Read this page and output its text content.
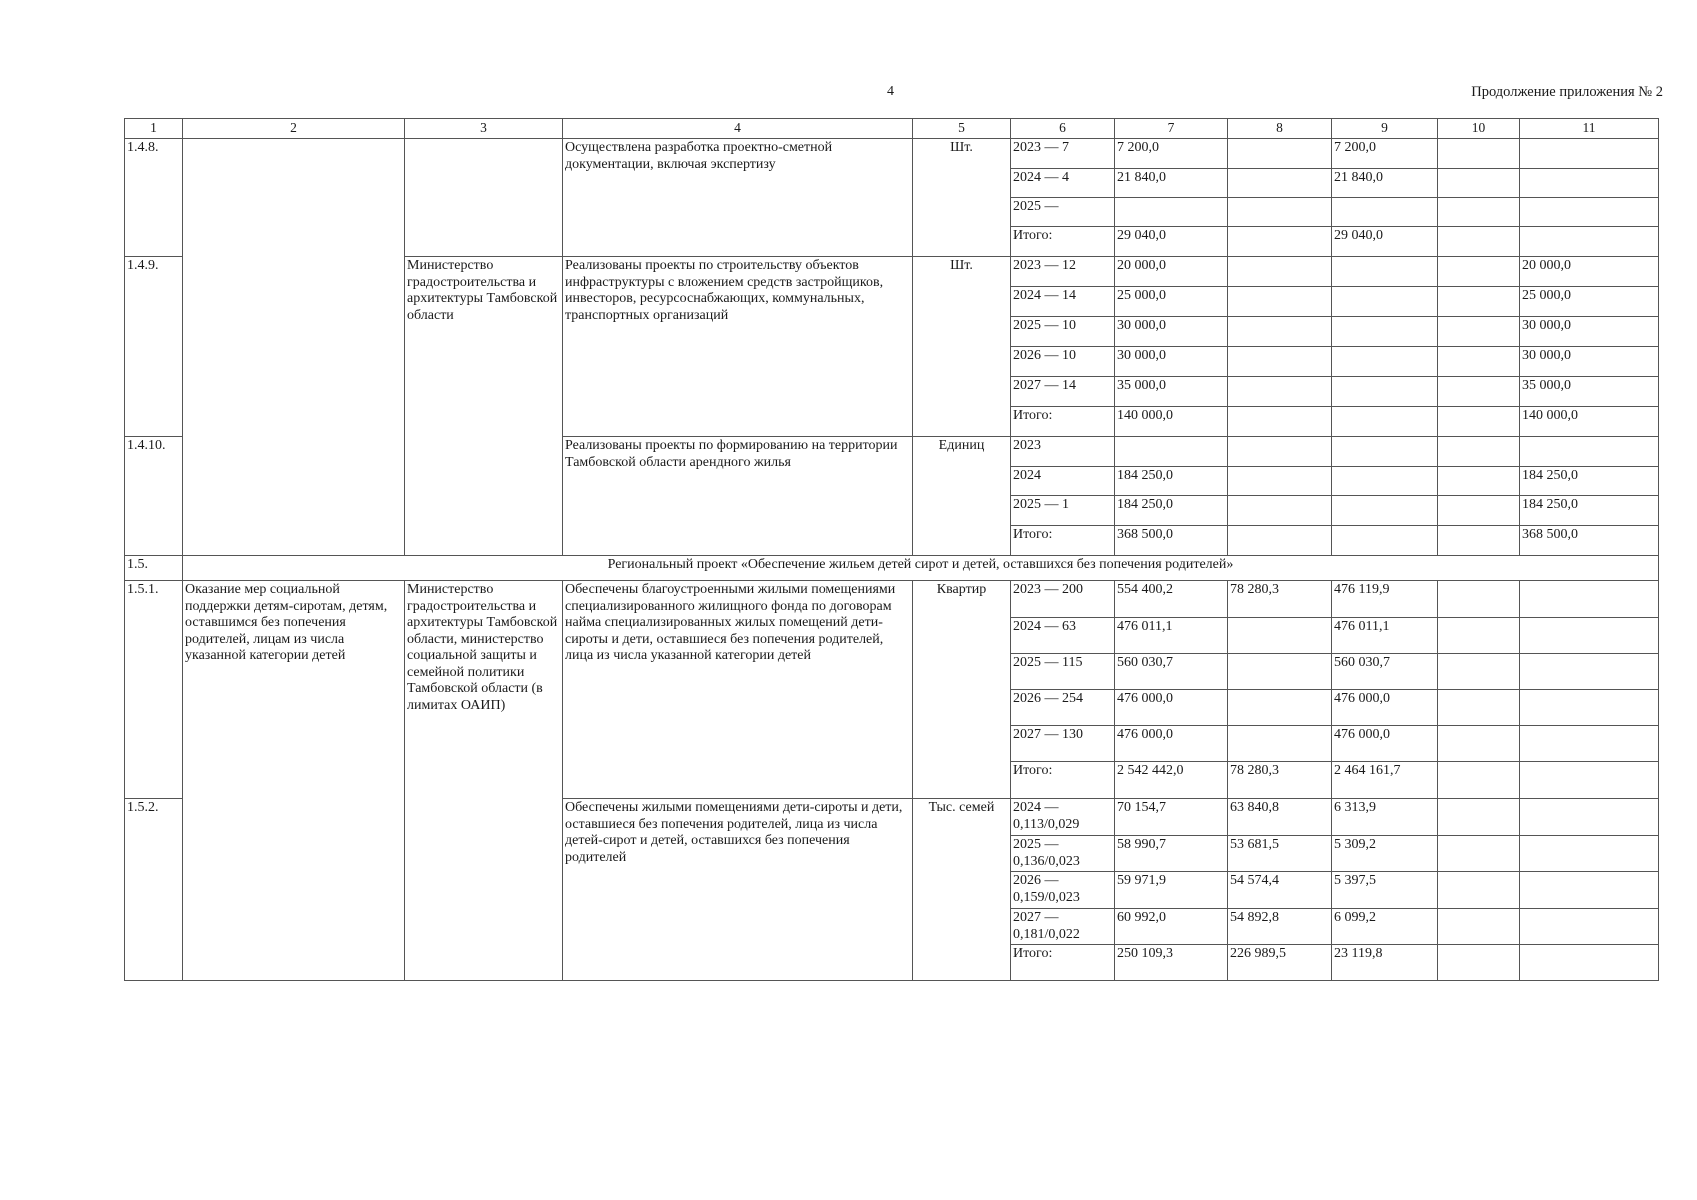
4	Продолжение приложения № 2
1	2	3	4	5	6	7	8	9	10	11
1.4.8.			Осуществлена разработка проектно-сметной документации, включая экспертизу	Шт.	2023 — 7	7 200,0		7 200,0		
					2024 — 4	21 840,0		21 840,0		
					2025 —					
					Итого:	29 040,0		29 040,0		
1.4.9.		Министерство градостроительства и архитектуры Тамбовской области	Реализованы проекты по строительству объектов инфраструктуры с вложением средств застройщиков, инвесторов, ресурсоснабжающих, коммунальных, транспортных организаций	Шт.	2023 — 12	20 000,0				20 000,0
					2024 — 14	25 000,0				25 000,0
					2025 — 10	30 000,0				30 000,0
					2026 — 10	30 000,0				30 000,0
					2027 — 14	35 000,0				35 000,0
					Итого:	140 000,0				140 000,0
1.4.10.			Реализованы проекты по формированию на территории Тамбовской области арендного жилья	Единиц	2023					
					2024	184 250,0				184 250,0
					2025 — 1	184 250,0				184 250,0
					Итого:	368 500,0				368 500,0
1.5.	Региональный проект «Обеспечение жильем детей сирот и детей, оставшихся без попечения родителей»									
1.5.1.	Оказание мер социальной поддержки детям-сиротам, детям, оставшимся без попечения родителей, лицам из числа указанной категории детей	Министерство градостроительства и архитектуры Тамбовской области, министерство социальной защиты и семейной политики Тамбовской области (в лимитах ОАИП)	Обеспечены благоустроенными жилыми помещениями специализированного жилищного фонда по договорам найма специализированных жилых помещений дети-сироты и дети, оставшиеся без попечения родителей, лица из числа указанной категории детей	Квартир	2023 — 200	554 400,2	78 280,3	476 119,9		
					2024 — 63	476 011,1		476 011,1		
					2025 — 115	560 030,7		560 030,7		
					2026 — 254	476 000,0		476 000,0		
					2027 — 130	476 000,0		476 000,0		
					Итого:	2 542 442,0	78 280,3	2 464 161,7		
1.5.2.			Обеспечены жилыми помещениями дети-сироты и дети, оставшиеся без попечения родителей, лица из числа детей-сирот и детей, оставшихся без попечения родителей	Тыс. семей	2024 — 0,113/0,029	70 154,7	63 840,8	6 313,9		
					2025 — 0,136/0,023	58 990,7	53 681,5	5 309,2		
					2026 — 0,159/0,023	59 971,9	54 574,4	5 397,5		
					2027 — 0,181/0,022	60 992,0	54 892,8	6 099,2		
					Итого:	250 109,3	226 989,5	23 119,8		
